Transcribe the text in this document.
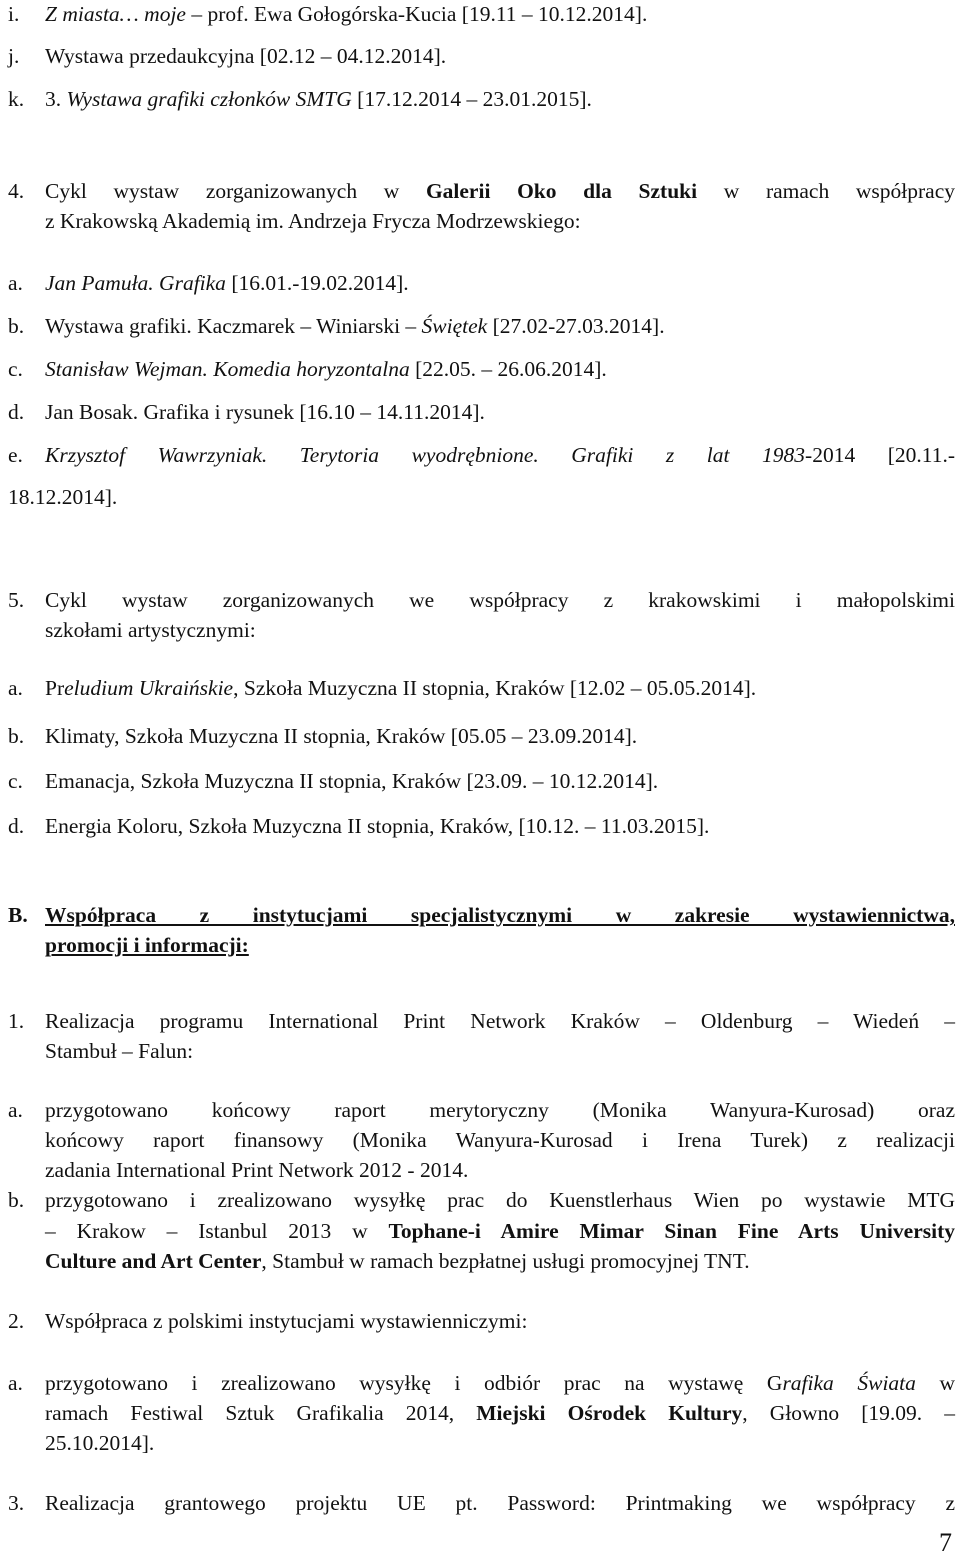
i. Z miasta… moje – prof. Ewa Gołogórska-Kucia [19.11 – 10.12.2014].
j. Wystawa przedaukcyjna [02.12 – 04.12.2014].
k. 3. Wystawa grafiki członków SMTG [17.12.2014 – 23.01.2015].
4. Cykl wystaw zorganizowanych w Galerii Oko dla Sztuki w ramach współpracy
z Krakowską Akademią im. Andrzeja Frycza Modrzewskiego:
a. Jan Pamuła. Grafika [16.01.-19.02.2014].
b. Wystawa grafiki. Kaczmarek – Winiarski – Świętek [27.02-27.03.2014].
c. Stanisław Wejman. Komedia horyzontalna [22.05. – 26.06.2014].
d. Jan Bosak. Grafika i rysunek [16.10 – 14.11.2014].
e. Krzysztof Wawrzyniak. Terytoria wyodrębnione. Grafiki z lat 1983-2014 [20.11.-
18.12.2014].
5. Cykl wystaw zorganizowanych we współpracy z krakowskimi i małopolskimi
szkołami artystycznymi:
a. Preludium Ukraińskie, Szkoła Muzyczna II stopnia, Kraków [12.02 – 05.05.2014].
b. Klimaty, Szkoła Muzyczna II stopnia, Kraków [05.05 – 23.09.2014].
c. Emanacja, Szkoła Muzyczna II stopnia, Kraków [23.09. – 10.12.2014].
d. Energia Koloru, Szkoła Muzyczna II stopnia, Kraków, [10.12. – 11.03.2015].
B. Współpraca z instytucjami specjalistycznymi w zakresie wystawiennictwa,
promocji i informacji:
1. Realizacja programu International Print Network Kraków – Oldenburg – Wiedeń –
Stambuł – Falun:
a. przygotowano końcowy raport merytoryczny (Monika Wanyura-Kurosad) oraz
końcowy raport finansowy (Monika Wanyura-Kurosad i Irena Turek) z realizacji
zadania International Print Network 2012 - 2014.
b. przygotowano i zrealizowano wysyłkę prac do Kuenstlerhaus Wien po wystawie MTG
– Krakow – Istanbul 2013 w Tophane-i Amire Mimar Sinan Fine Arts University
Culture and Art Center, Stambuł w ramach bezpłatnej usługi promocyjnej TNT.
2. Współpraca z polskimi instytucjami wystawienniczymi:
a. przygotowano i zrealizowano wysyłkę i odbiór prac na wystawę Grafika Świata w
ramach Festiwal Sztuk Grafikalia 2014, Miejski Ośrodek Kultury, Głowno [19.09. –
25.10.2014].
3. Realizacja grantowego projektu UE pt. Password: Printmaking we współpracy z
7
